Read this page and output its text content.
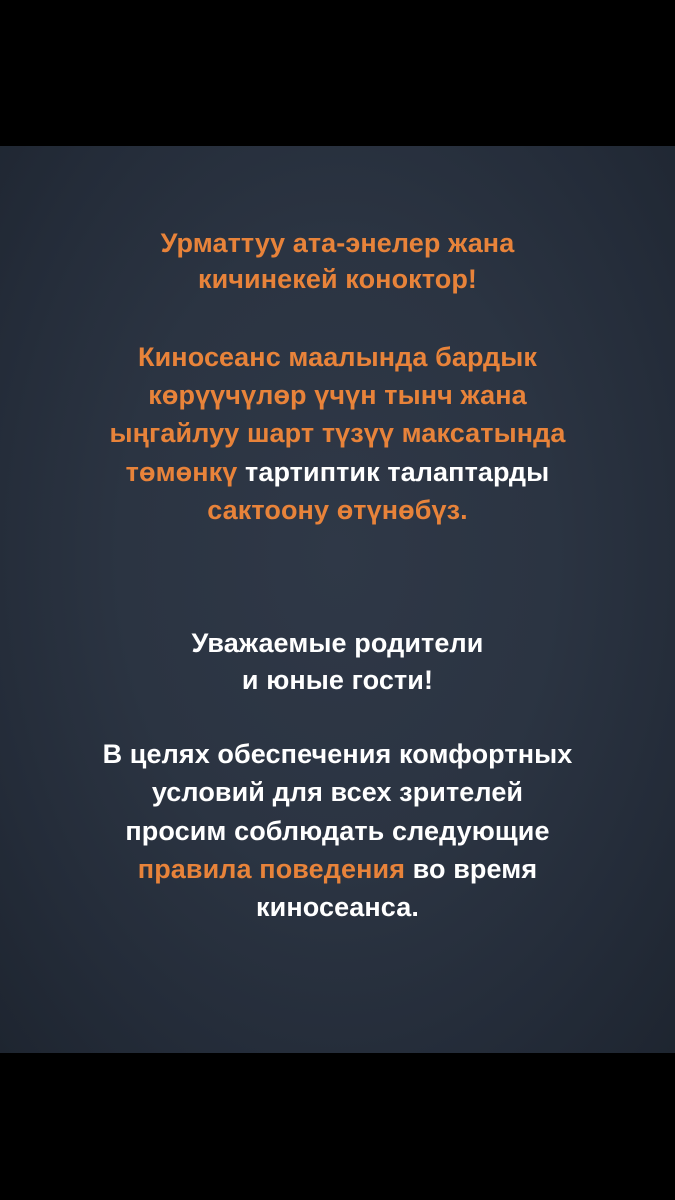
Урматтуу ата-энелер жана
кичинекей коноктор!
Киносеанс маалында бардык
көрүүчүлөр үчүн тынч жана
ыңгайлуу шарт түзүү максатында
төмөнкү тартиптик талаптарды
сактоону өтүнөбүз.
Уважаемые родители
и юные гости!
В целях обеспечения комфортных
условий для всех зрителей
просим соблюдать следующие
правила поведения во время
киносеанса.
